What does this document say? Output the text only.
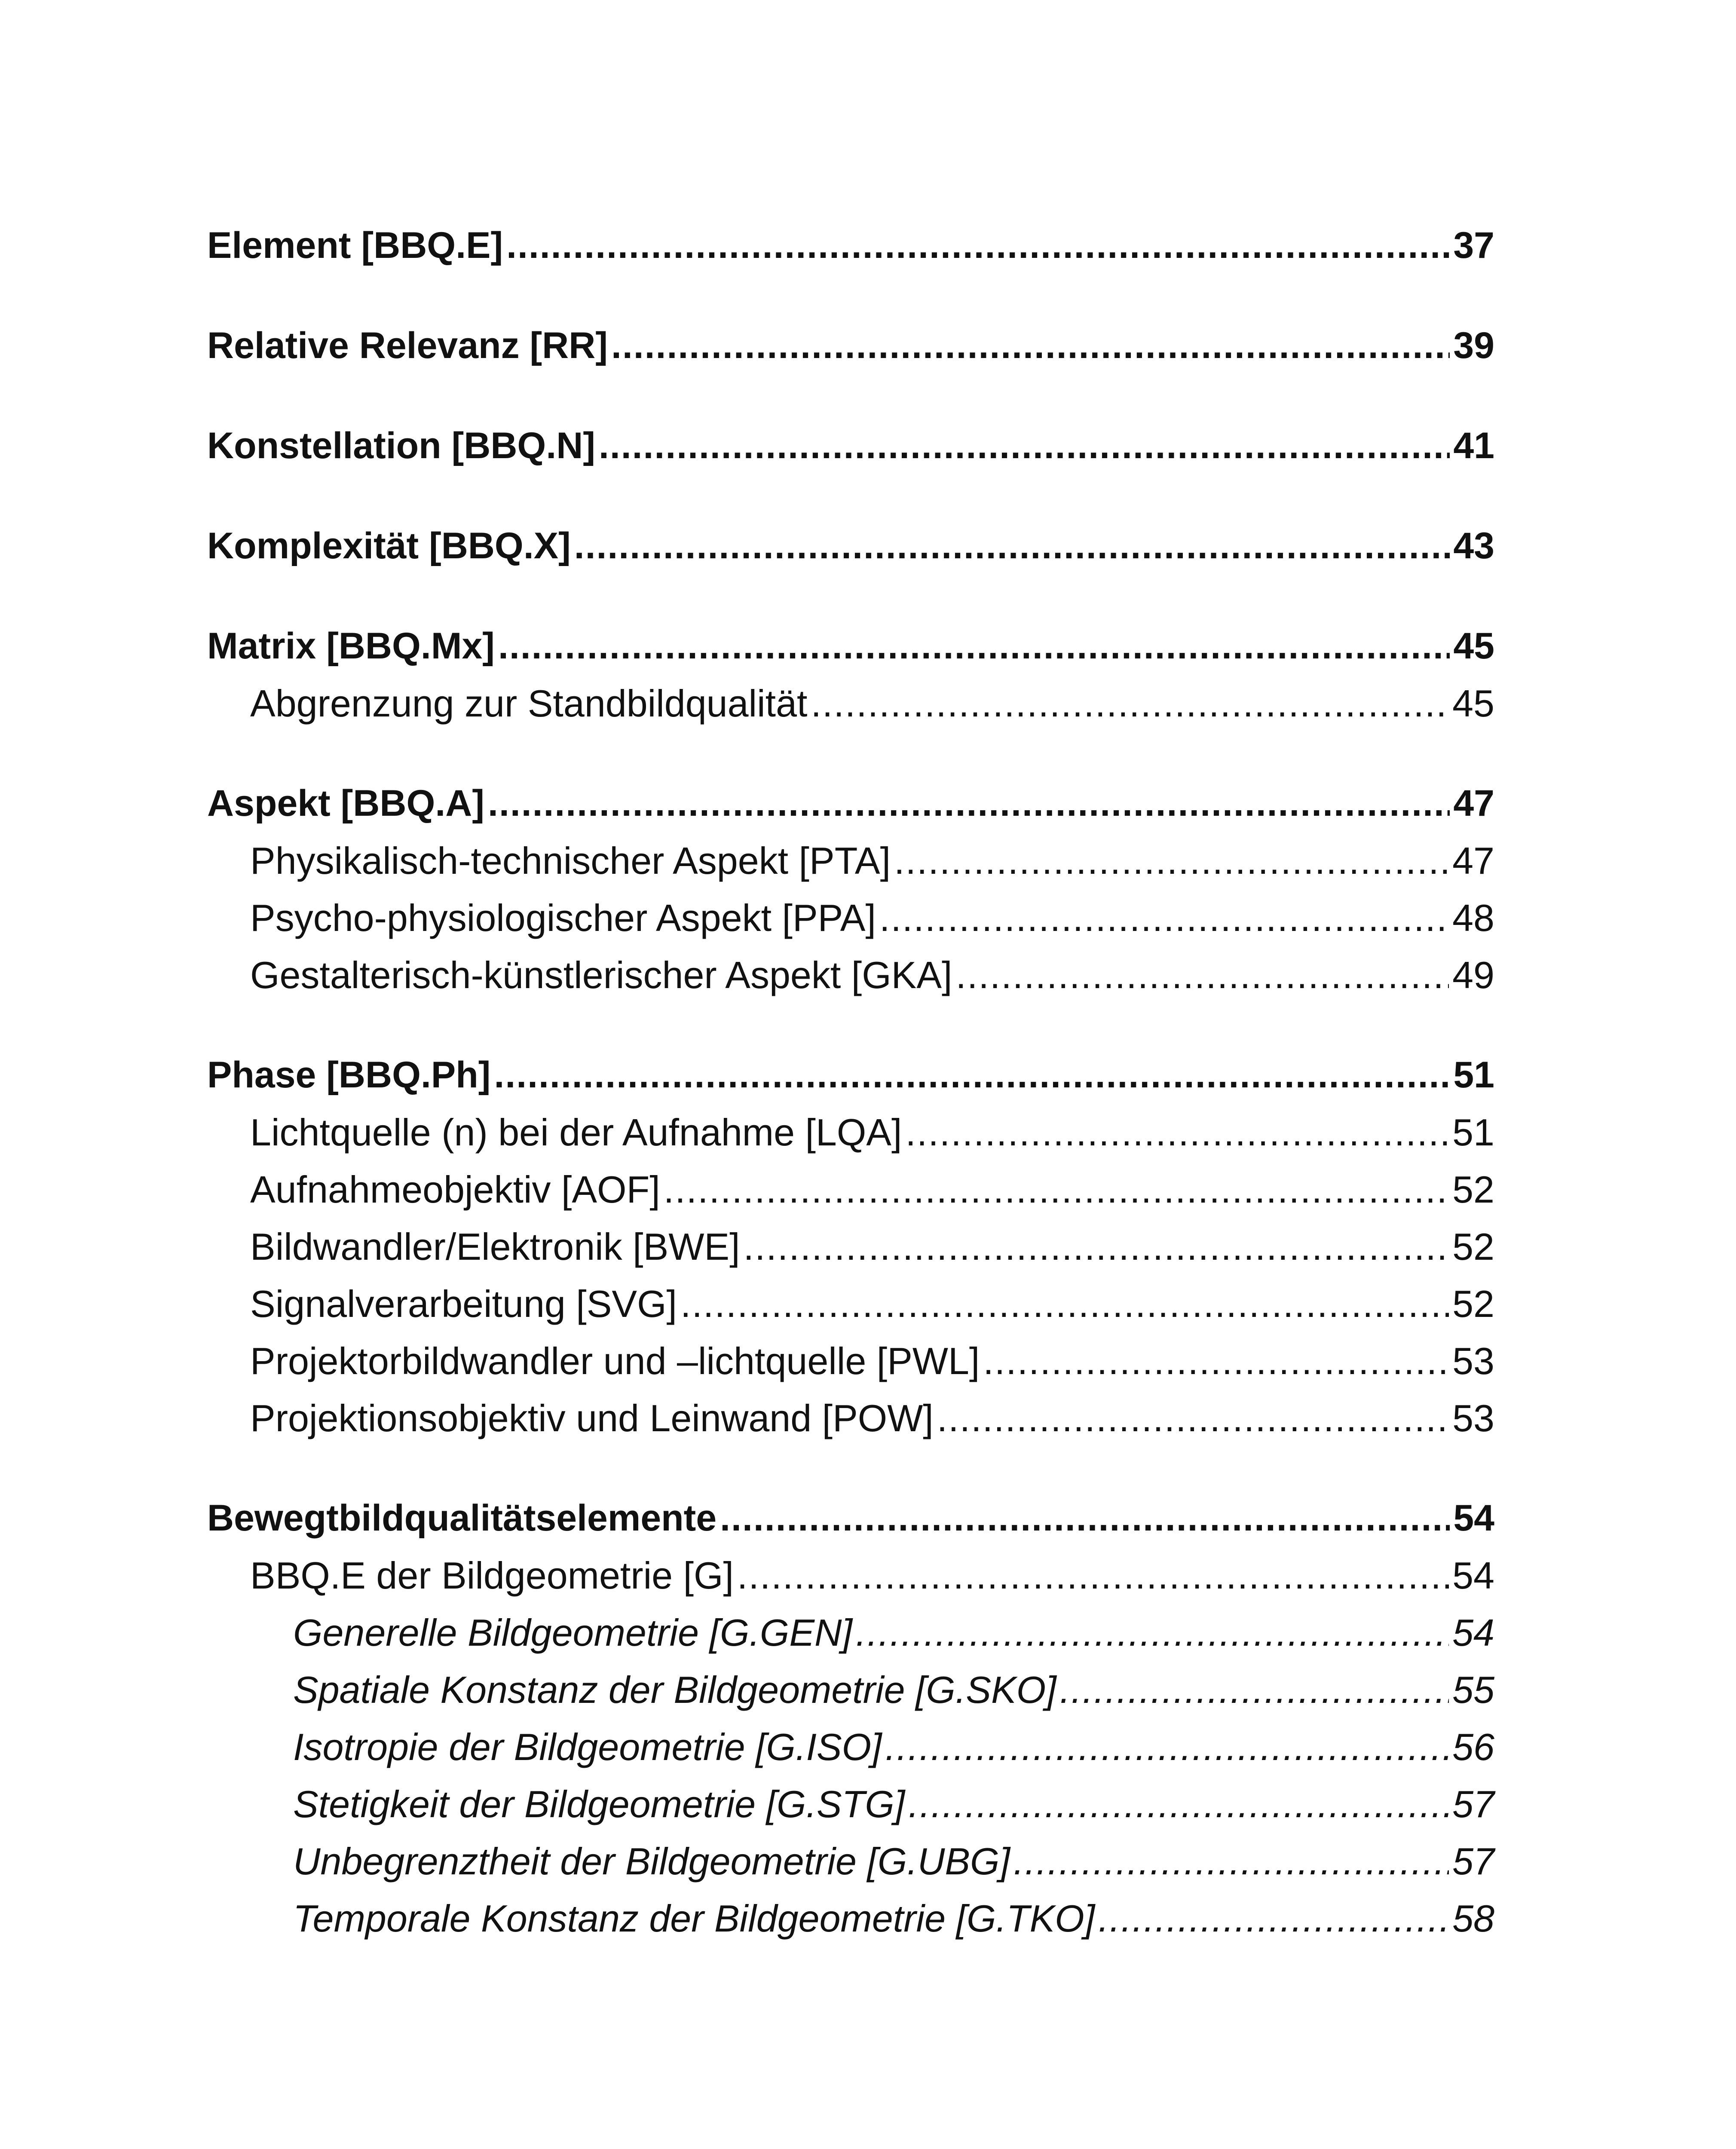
Element [BBQ.E] .....	37
Relative Relevanz [RR] .....	39
Konstellation [BBQ.N] .....	41
Komplexität [BBQ.X] .....	43
Matrix [BBQ.Mx] .....	45
Abgrenzung zur Standbildqualität .....	45
Aspekt [BBQ.A] .....	47
Physikalisch-technischer Aspekt [PTA] .....	47
Psycho-physiologischer Aspekt [PPA] .....	48
Gestalterisch-künstlerischer Aspekt [GKA] .....	49
Phase [BBQ.Ph] .....	51
Lichtquelle (n) bei der Aufnahme [LQA] .....	51
Aufnahmeobjektiv [AOF] .....	52
Bildwandler/Elektronik [BWE] .....	52
Signalverarbeitung [SVG] .....	52
Projektorbildwandler und –lichtquelle [PWL] .....	53
Projektionsobjektiv und Leinwand [POW] .....	53
Bewegtbildqualitätselemente .....	54
BBQ.E der Bildgeometrie [G] .....	54
Generelle Bildgeometrie [G.GEN] .....	54
Spatiale Konstanz der Bildgeometrie [G.SKO] .....	55
Isotropie der Bildgeometrie [G.ISO] .....	56
Stetigkeit der Bildgeometrie [G.STG] .....	57
Unbegrenztheit der Bildgeometrie [G.UBG] .....	57
Temporale Konstanz der Bildgeometrie [G.TKO] .....	58
